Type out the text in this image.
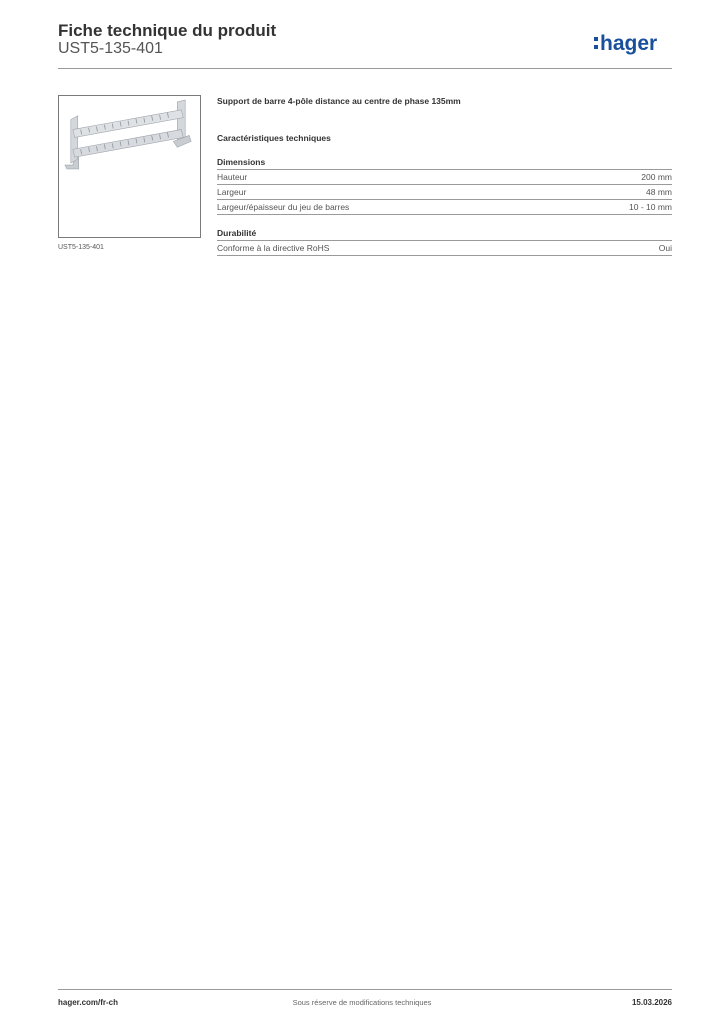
Fiche technique du produit
UST5-135-401	hager
UST5-135-401
Support de barre 4-pôle distance au centre de phase 135mm
Caractéristiques techniques
Dimensions
Hauteur	200 mm
Largeur	48 mm
Largeur/épaisseur du jeu de barres	10 - 10 mm
Durabilité
Conforme à la directive RoHS	Oui
hager.com/fr-ch	Sous réserve de modifications techniques	15.03.2026
